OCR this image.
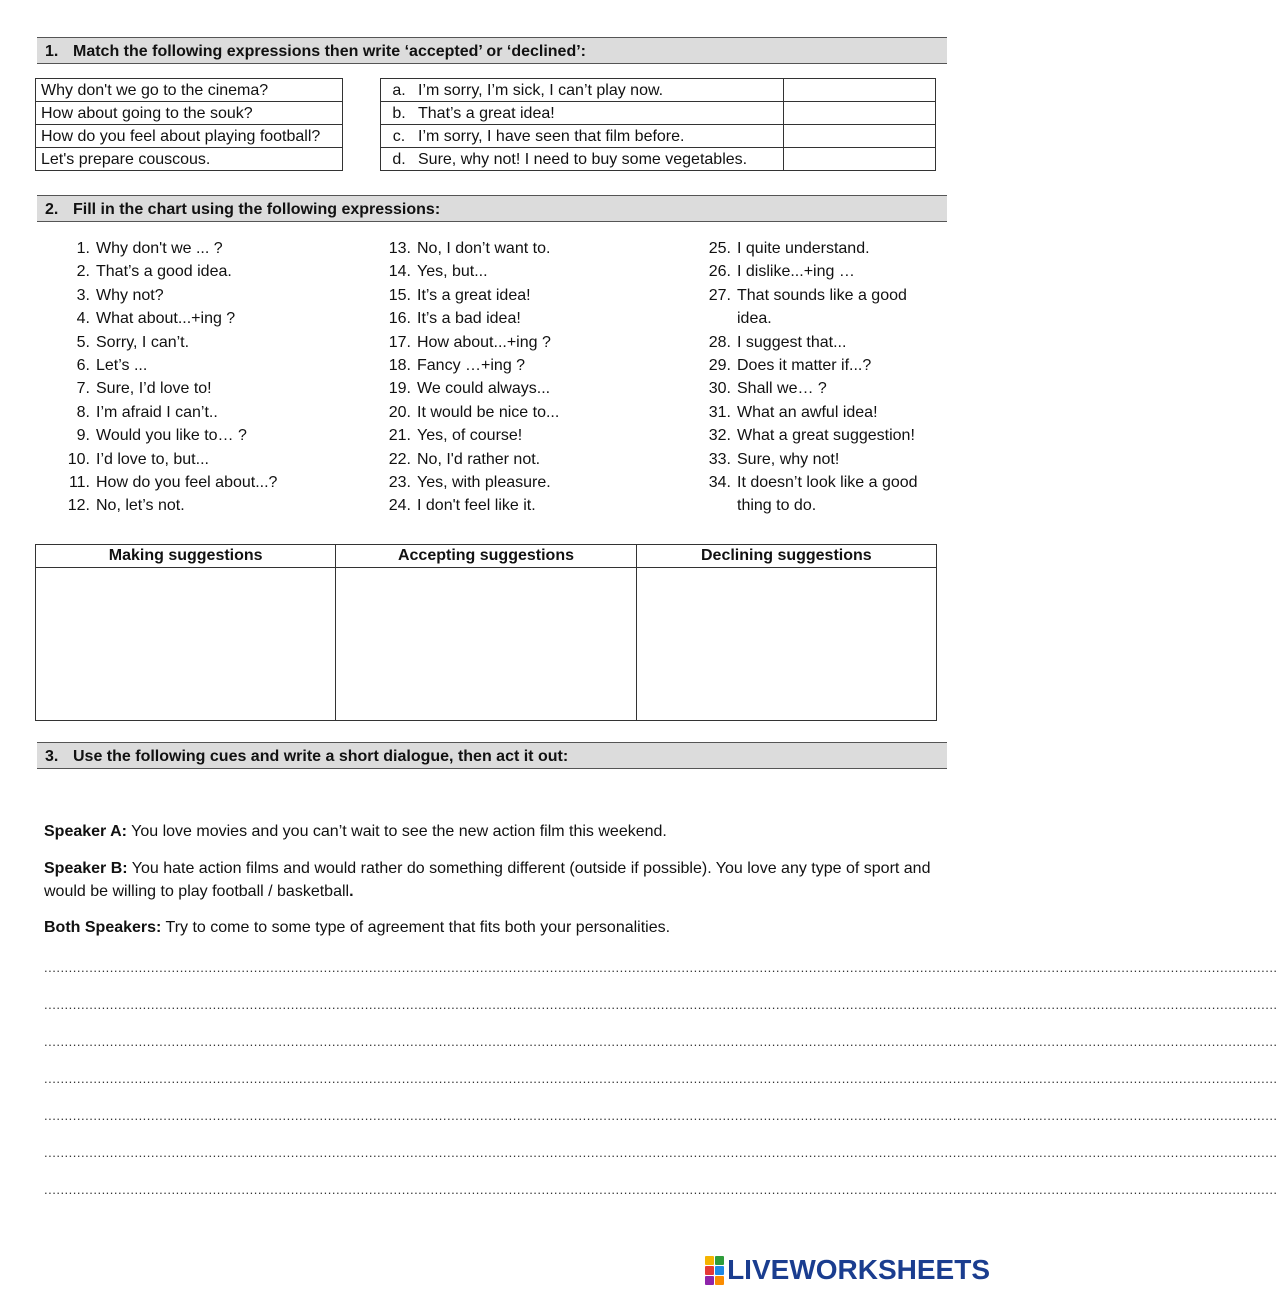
1. Match the following expressions then write ‘accepted’ or ‘declined’:
Why don't we go to the cinema?
How about going to the souk?
How do you feel about playing football?
Let's prepare couscous.
a.	I’m sorry, I’m sick, I can’t play now.	
b.	That’s a great idea!	
c.	I’m sorry, I have seen that film before.	
d.	Sure, why not! I need to buy some vegetables.	
2. Fill in the chart using the following expressions:
1. Why don't we ... ?
2. That’s a good idea.
3. Why not?
4. What about...+ing ?
5. Sorry, I can’t.
6. Let’s ...
7. Sure, I’d love to!
8. I’m afraid I can’t..
9. Would you like to… ?
10. I’d love to, but...
11. How do you feel about...?
12. No, let’s not.
13. No, I don’t want to.
14. Yes, but...
15. It’s a great idea!
16. It’s a bad idea!
17. How about...+ing ?
18. Fancy …+ing ?
19. We could always...
20. It would be nice to...
21. Yes, of course!
22. No, I'd rather not.
23. Yes, with pleasure.
24. I don't feel like it.
25. I quite understand.
26. I dislike...+ing …
27. That sounds like a good
idea.
28. I suggest that...
29. Does it matter if...?
30. Shall we… ?
31. What an awful idea!
32. What a great suggestion!
33. Sure, why not!
34. It doesn’t look like a good
thing to do.
Making suggestions	Accepting suggestions	Declining suggestions

3. Use the following cues and write a short dialogue, then act it out:
Speaker A: You love movies and you can’t wait to see the new action film this weekend.
Speaker B: You hate action films and would rather do something different (outside if possible). You love any type of sport and would be willing to play football / basketball.
Both Speakers: Try to come to some type of agreement that fits both your personalities.
............................................................................................................................................................................................................................................................................................................
............................................................................................................................................................................................................................................................................................................
............................................................................................................................................................................................................................................................................................................
............................................................................................................................................................................................................................................................................................................
............................................................................................................................................................................................................................................................................................................
............................................................................................................................................................................................................................................................................................................
............................................................................................................................................................................................................................................................................................................
LIVEWORKSHEETS
